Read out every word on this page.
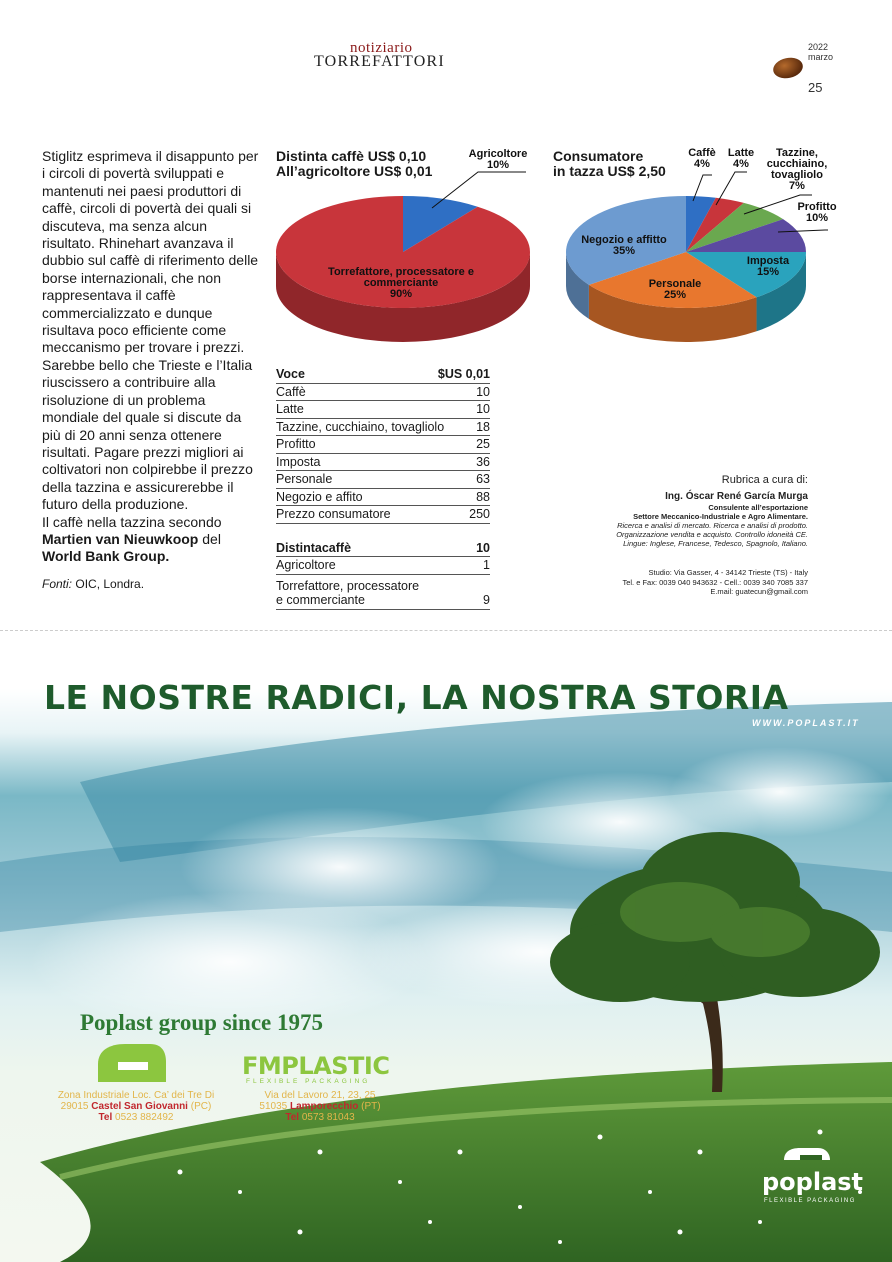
notiziario
TORREFATTORI
2022
marzo
25

Stiglitz esprimeva il disappunto per i circoli di povertà sviluppati e mantenuti nei paesi produttori di caffè, circoli di povertà dei quali si discuteva, ma senza alcun risultato. Rhinehart avanzava il dubbio sul caffè di riferimento delle borse internazionali, che non rappresentava il caffè commercializzato e dunque risultava poco efficiente come meccanismo per trovare i prezzi.

Sarebbe bello che Trieste e l’Italia riuscissero a contribuire alla risoluzione di un problema mondiale del quale si discute da più di 20 anni senza ottenere risultati. Pagare prezzi migliori ai coltivatori non colpirebbe il prezzo della tazzina e assicurerebbe il futuro della produzione.

Il caffè nella tazzina secondo Martien van Nieuwkoop del World Bank Group.

Fonti: OIC, Londra.

Distinta caffè US$ 0,10
All’agricoltore US$ 0,01
Agricoltore
10%
Torrefattore, processatore e commerciante
90%
Consumatore
in tazza US$ 2,50
Caffè
4%
Latte
4%
Tazzine, cucchiaino, tovagliolo
7%
Profitto
10%
Imposta
15%
Personale
25%
Negozio e affitto
35%
Voce	$US 0,01
Caffè	10
Latte	10
Tazzine, cucchiaino, tovagliolo	18
Profitto	25
Imposta	36
Personale	63
Negozio e affito	88
Prezzo consumatore	250
Distintacaffè	10
Agricoltore	1
Torrefattore, processatore
e commerciante	9
Rubrica a cura di:
Ing. Óscar René García Murga
Consulente all’esportazione
Settore Meccanico-Industriale e Agro Alimentare.
Ricerca e analisi di mercato. Ricerca e analisi di prodotto.
Organizzazione vendita e acquisto. Controllo idoneità CE.
Lingue: Inglese, Francese, Tedesco, Spagnolo, Italiano.
Studio: Via Gasser, 4 - 34142 Trieste (TS) - Italy
Tel. e Fax: 0039 040 943632 - Cell.: 0039 340 7085 337
E.mail: guatecun@gmail.com
LE NOSTRE RADICI, LA NOSTRA STORIA
WWW.POPLAST.IT
Poplast group since 1975
Zona Industriale Loc. Ca’ dei Tre Di
29015 Castel San Giovanni (PC)
Tel 0523 882492
FMPLASTIC
FLEXIBLE PACKAGING
Via del Lavoro 21, 23, 25
51035 Lamporecchio (PT)
Tel 0573 81043
poplast
FLEXIBLE PACKAGING
